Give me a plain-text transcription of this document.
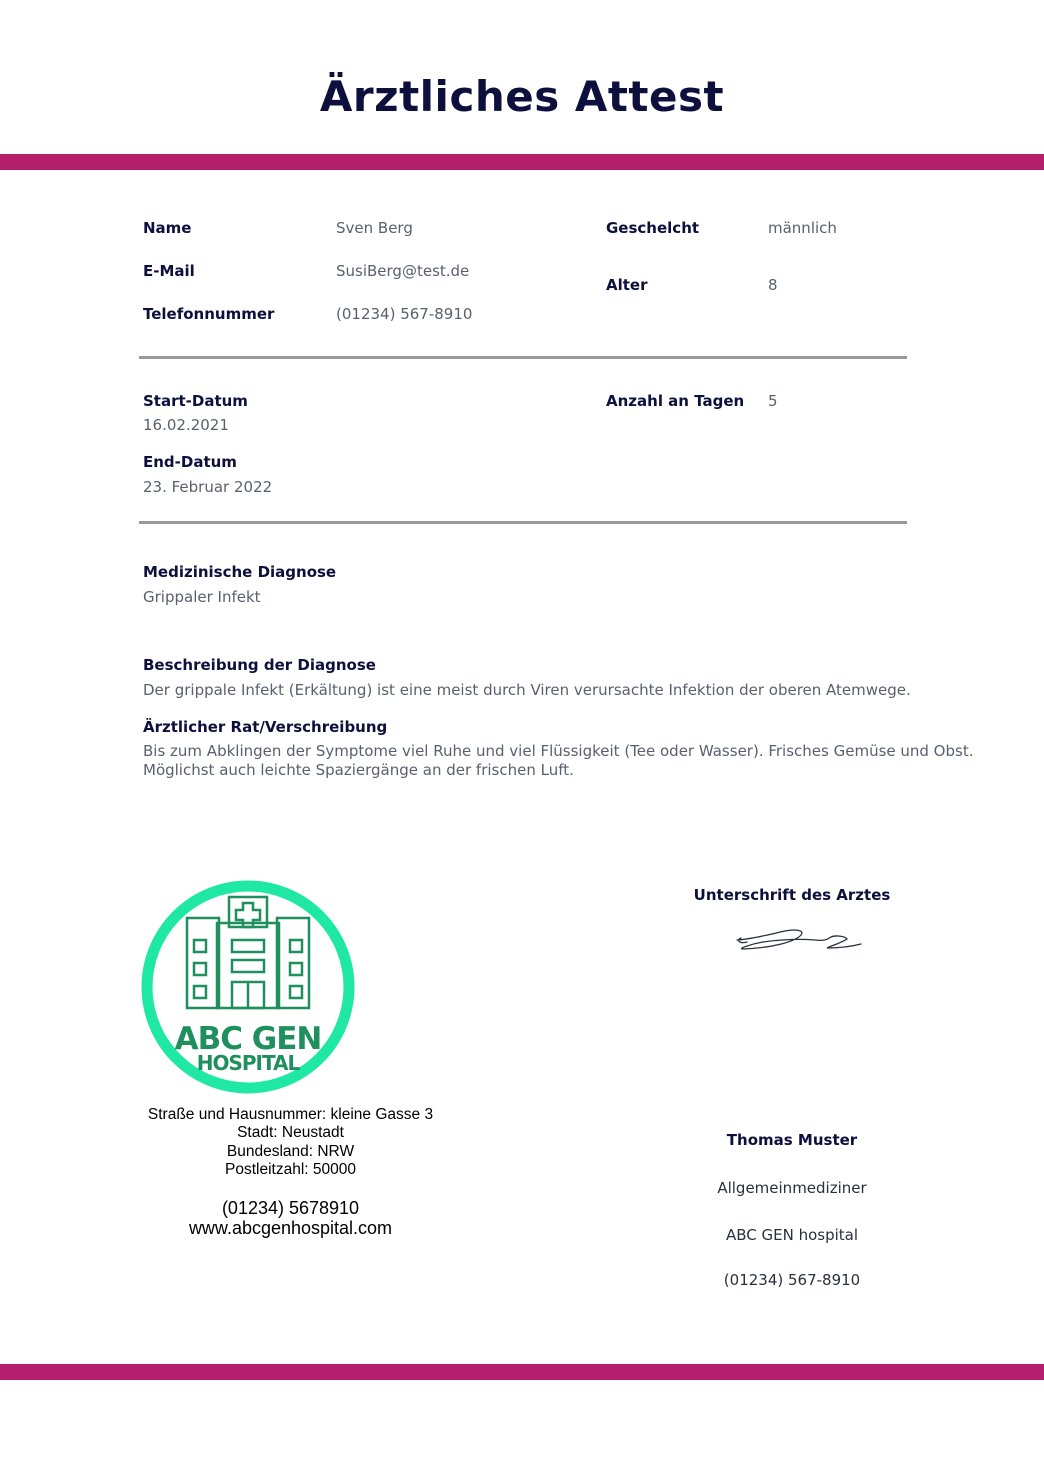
Ärztliches Attest
Name	Sven Berg
E-Mail	SusiBerg@test.de
Telefonnummer	(01234) 567-8910
Geschelcht	männlich
Alter	8
Start-Datum
16.02.2021
End-Datum
23. Februar 2022
Anzahl an Tagen 5
Medizinische Diagnose
Grippaler Infekt
Beschreibung der Diagnose
Der grippale Infekt (Erkältung) ist eine meist durch Viren verursachte Infektion der oberen Atemwege.
Ärztlicher Rat/Verschreibung
Bis zum Abklingen der Symptome viel Ruhe und viel Flüssigkeit (Tee oder Wasser). Frisches Gemüse und Obst. Möglichst auch leichte Spaziergänge an der frischen Luft.
ABC GEN
HOSPITAL
Straße und Hausnummer: kleine Gasse 3
Stadt: Neustadt
Bundesland: NRW
Postleitzahl: 50000
(01234) 5678910
www.abcgenhospital.com
Unterschrift des Arztes
Thomas Muster
Allgemeinmediziner
ABC GEN hospital
(01234) 567-8910
